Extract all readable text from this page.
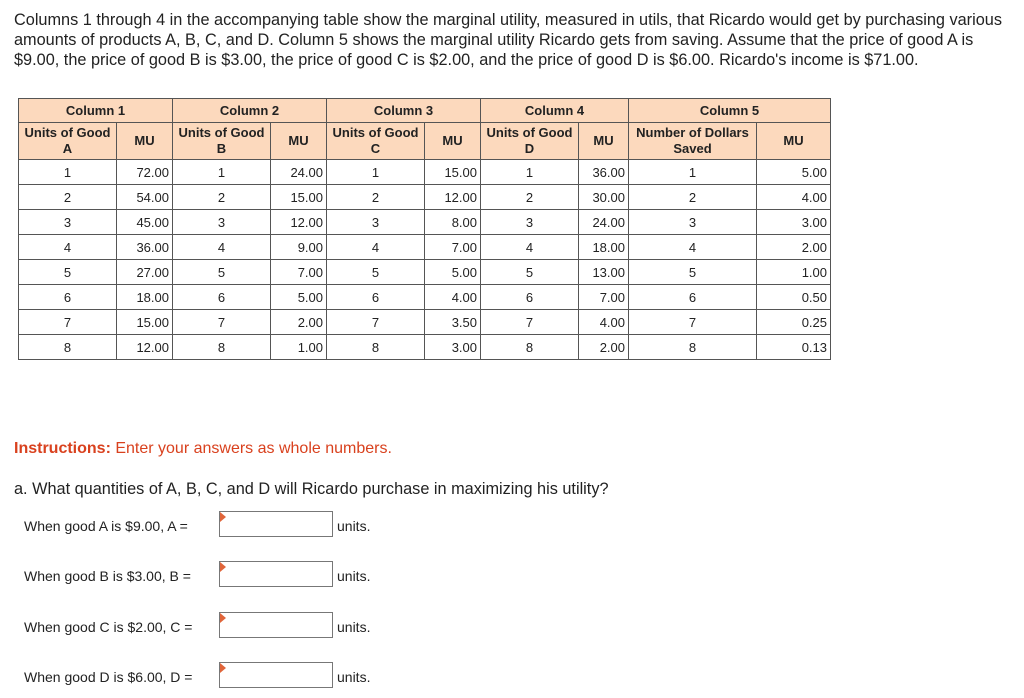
Columns 1 through 4 in the accompanying table show the marginal utility, measured in utils, that Ricardo would get by purchasing various amounts of products A, B, C, and D. Column 5 shows the marginal utility Ricardo gets from saving. Assume that the price of good A is $9.00, the price of good B is $3.00, the price of good C is $2.00, and the price of good D is $6.00. Ricardo's income is $71.00.

Column 1		Column 2		Column 3		Column 4		Column 5	
Units of Good A	MU	Units of Good B	MU	Units of Good C	MU	Units of Good D	MU	Number of Dollars Saved	MU
1	72.00	1	24.00	1	15.00	1	36.00	1	5.00
2	54.00	2	15.00	2	12.00	2	30.00	2	4.00
3	45.00	3	12.00	3	8.00	3	24.00	3	3.00
4	36.00	4	9.00	4	7.00	4	18.00	4	2.00
5	27.00	5	7.00	5	5.00	5	13.00	5	1.00
6	18.00	6	5.00	6	4.00	6	7.00	6	0.50
7	15.00	7	2.00	7	3.50	7	4.00	7	0.25
8	12.00	8	1.00	8	3.00	8	2.00	8	0.13
Instructions: Enter your answers as whole numbers.
a. What quantities of A, B, C, and D will Ricardo purchase in maximizing his utility?
When good A is $9.00, A =	units.
When good B is $3.00, B =	units.
When good C is $2.00, C =	units.
When good D is $6.00, D =	units.
